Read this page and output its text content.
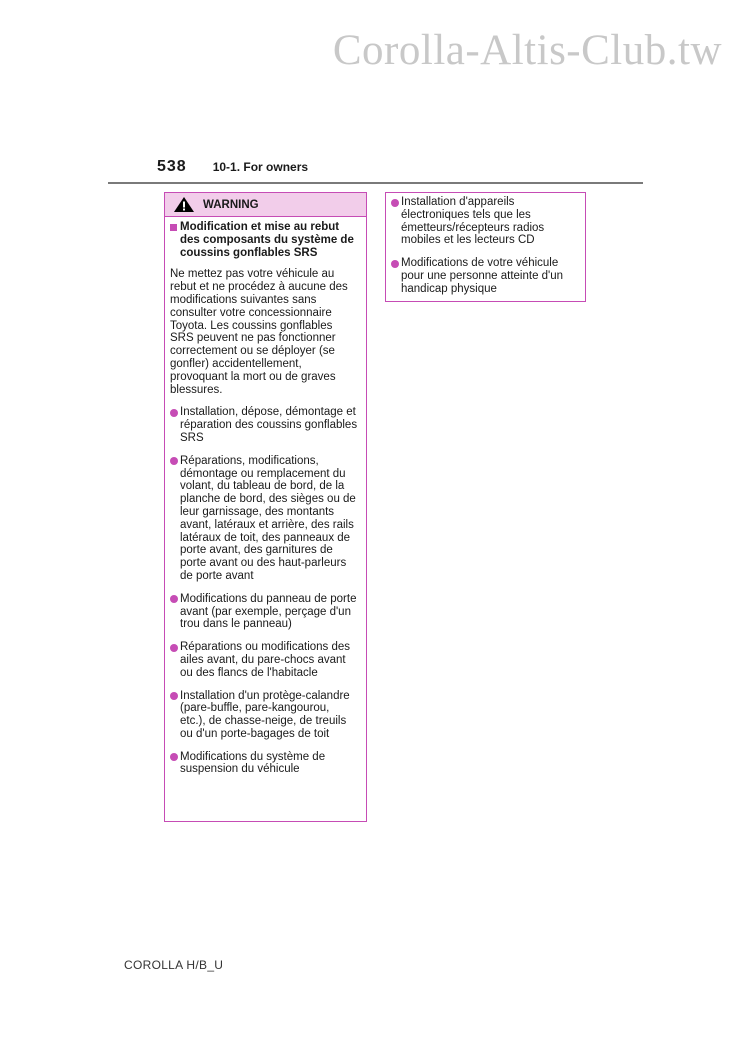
Corolla-Altis-Club.tw
538 10-1. For owners
WARNING
Modification et mise au rebut des composants du système de coussins gonflables SRS

Ne mettez pas votre véhicule au rebut et ne procédez à aucune des modifications suivantes sans consulter votre concessionnaire Toyota. Les coussins gonflables SRS peuvent ne pas fonctionner correctement ou se déployer (se gonfler) accidentellement, provoquant la mort ou de graves blessures.

Installation, dépose, démontage et réparation des coussins gonflables SRS
Réparations, modifications, démontage ou remplacement du volant, du tableau de bord, de la planche de bord, des sièges ou de leur garnissage, des montants avant, latéraux et arrière, des rails latéraux de toit, des panneaux de porte avant, des garnitures de porte avant ou des haut-parleurs de porte avant
Modifications du panneau de porte avant (par exemple, perçage d'un trou dans le panneau)
Réparations ou modifications des ailes avant, du pare-chocs avant ou des flancs de l'habitacle
Installation d'un protège-calandre (pare-buffle, pare-kangourou, etc.), de chasse-neige, de treuils ou d'un porte-bagages de toit
Modifications du système de suspension du véhicule
Installation d'appareils électroniques tels que les émetteurs/récepteurs radios mobiles et les lecteurs CD
Modifications de votre véhicule pour une personne atteinte d'un handicap physique
COROLLA H/B_U
